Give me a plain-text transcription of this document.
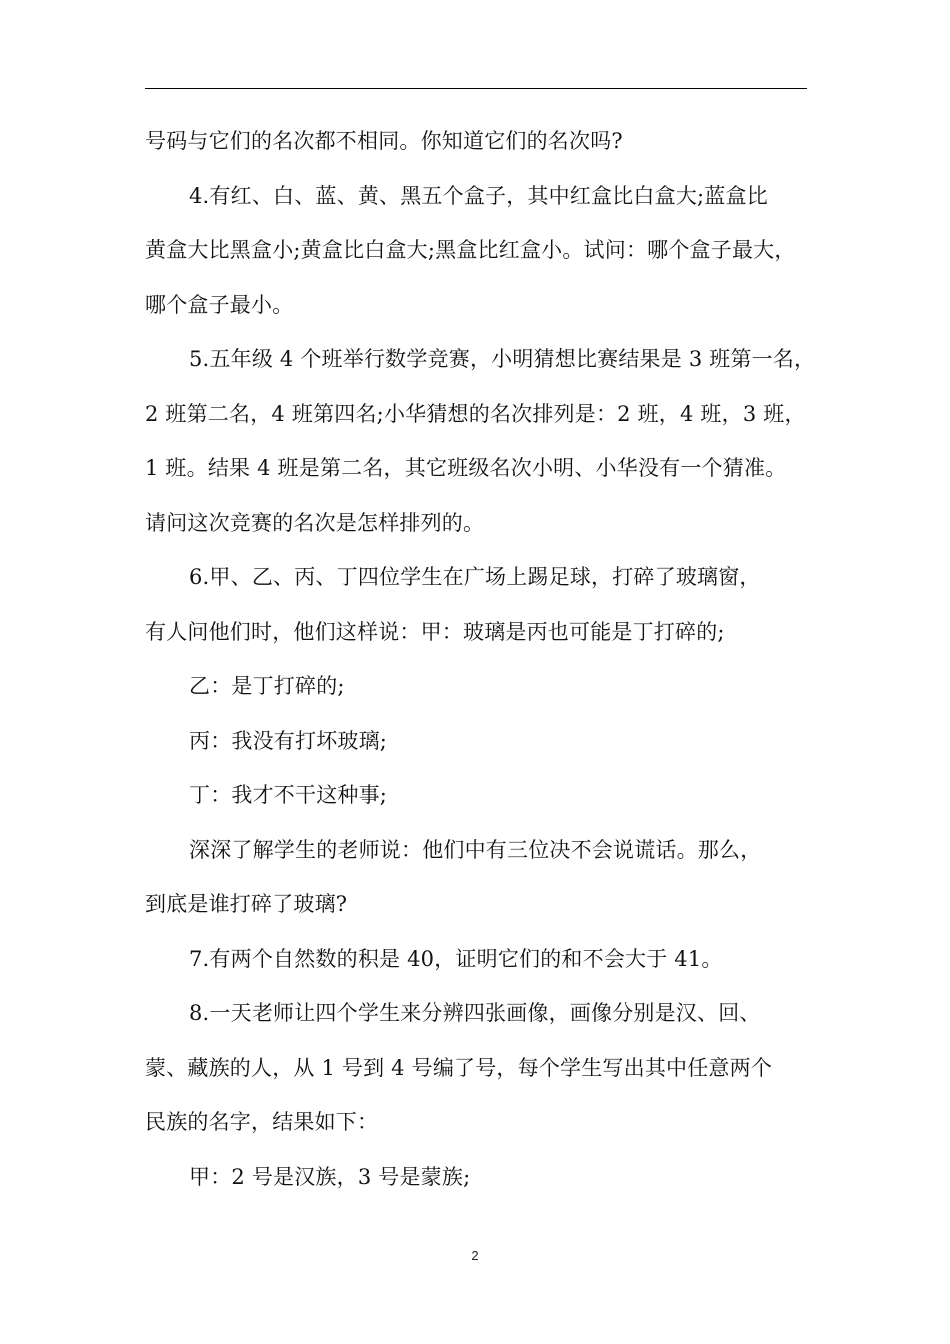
号码与它们的名次都不相同。你知道它们的名次吗?
4.有红、白、蓝、黄、黑五个盒子，其中红盒比白盒大;蓝盒比
黄盒大比黑盒小;黄盒比白盒大;黑盒比红盒小。试问：哪个盒子最大，
哪个盒子最小。
5.五年级 4 个班举行数学竞赛，小明猜想比赛结果是 3 班第一名，
2 班第二名，4 班第四名;小华猜想的名次排列是：2 班，4 班，3 班，
1 班。结果 4 班是第二名，其它班级名次小明、小华没有一个猜准。
请问这次竞赛的名次是怎样排列的。
6.甲、乙、丙、丁四位学生在广场上踢足球，打碎了玻璃窗，
有人问他们时，他们这样说：甲：玻璃是丙也可能是丁打碎的;
乙：是丁打碎的;
丙：我没有打坏玻璃;
丁：我才不干这种事;
深深了解学生的老师说：他们中有三位决不会说谎话。那么，
到底是谁打碎了玻璃?
7.有两个自然数的积是 40，证明它们的和不会大于 41。
8.一天老师让四个学生来分辨四张画像，画像分别是汉、回、
蒙、藏族的人，从 1 号到 4 号编了号，每个学生写出其中任意两个
民族的名字，结果如下：
甲：2 号是汉族，3 号是蒙族;
2
